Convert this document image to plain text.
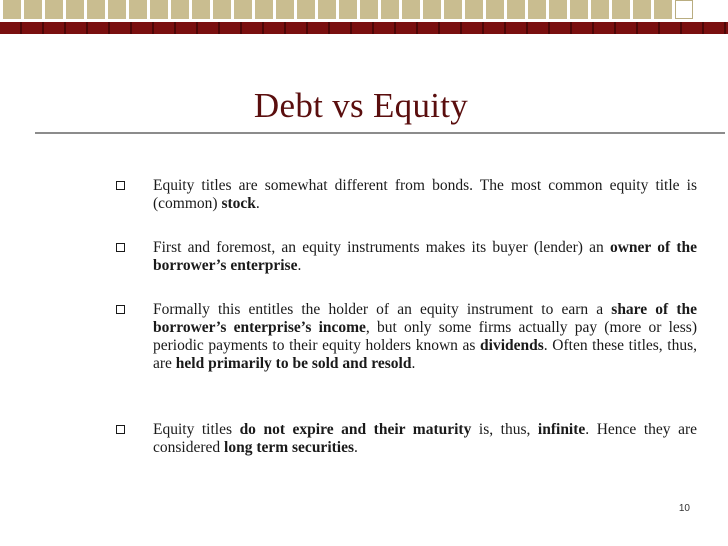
Debt vs Equity
Equity titles are somewhat different from bonds. The most common equity title is (common) stock.
First and foremost, an equity instruments makes its buyer (lender) an owner of the borrower’s enterprise.
Formally this entitles the holder of an equity instrument to earn a share of the borrower’s enterprise’s income, but only some firms actually pay (more or less) periodic payments to their equity holders known as dividends. Often these titles, thus, are held primarily to be sold and resold.
Equity titles do not expire and their maturity is, thus, infinite. Hence they are considered long term securities.
10
